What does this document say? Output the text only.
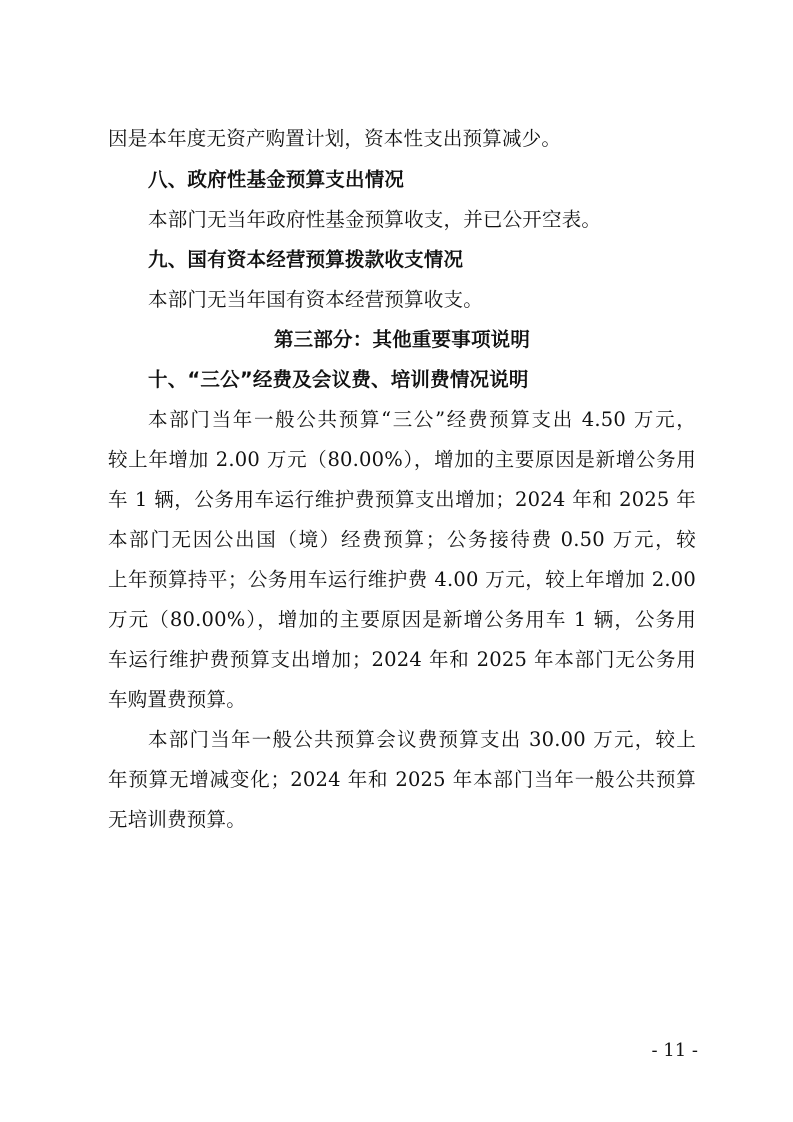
因是本年度无资产购置计划，资本性支出预算减少。
八、政府性基金预算支出情况
本部门无当年政府性基金预算收支，并已公开空表。
九、国有资本经营预算拨款收支情况
本部门无当年国有资本经营预算收支。
第三部分：其他重要事项说明
十、“三公”经费及会议费、培训费情况说明
本部门当年一般公共预算“三公”经费预算支出 4.50 万元，
较上年增加 2.00 万元（80.00%），增加的主要原因是新增公务用
车 1 辆，公务用车运行维护费预算支出增加；2024 年和 2025 年
本部门无因公出国（境）经费预算；公务接待费 0.50 万元，较
上年预算持平；公务用车运行维护费 4.00 万元，较上年增加 2.00
万元（80.00%），增加的主要原因是新增公务用车 1 辆，公务用
车运行维护费预算支出增加；2024 年和 2025 年本部门无公务用
车购置费预算。
本部门当年一般公共预算会议费预算支出 30.00 万元，较上
年预算无增减变化；2024 年和 2025 年本部门当年一般公共预算
无培训费预算。
- 11 -
